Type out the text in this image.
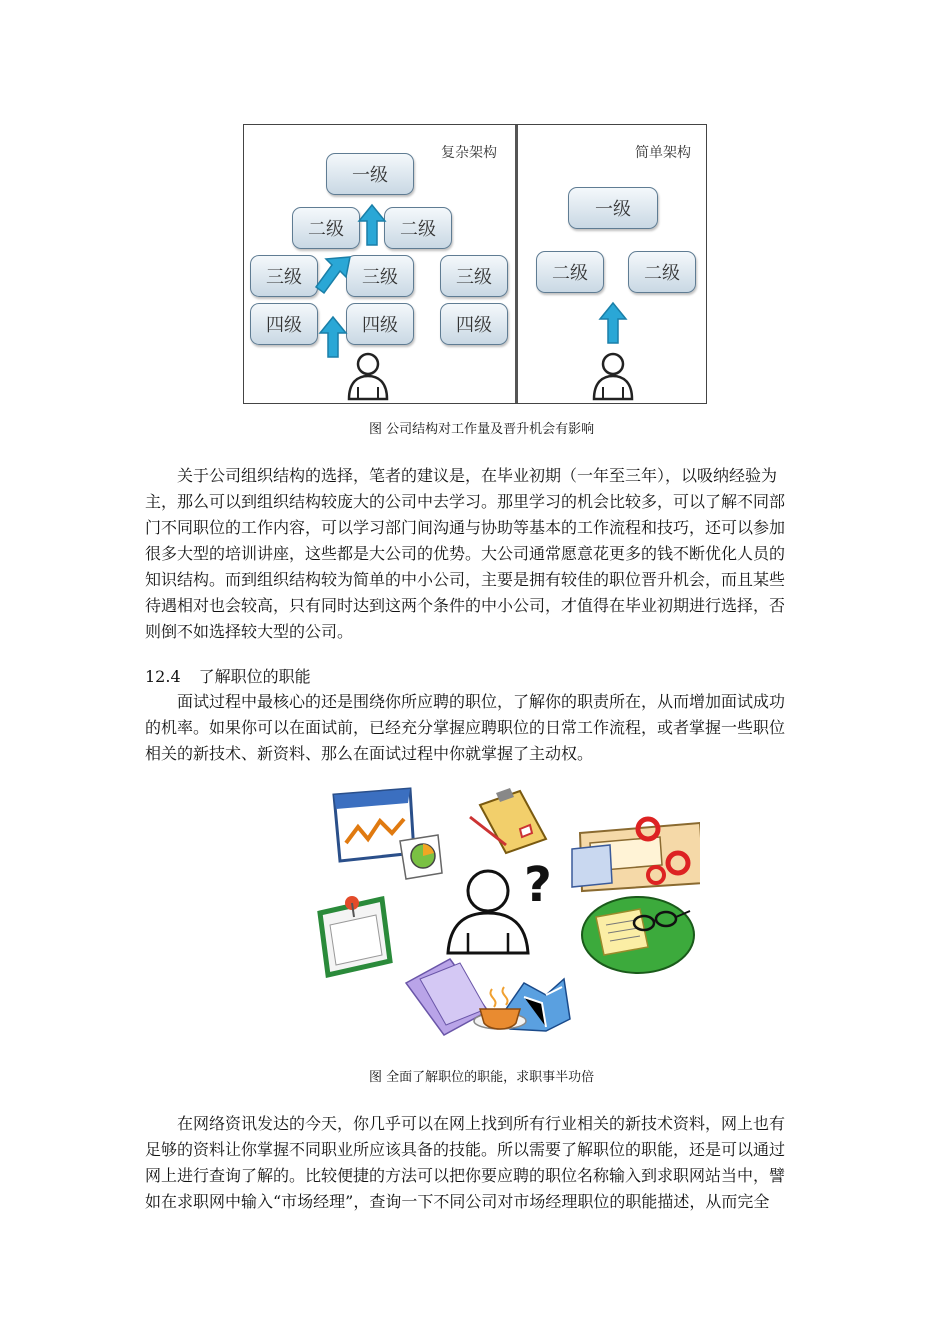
复杂架构	简单架构
一级
二级	二级
三级	三级	三级
四级	四级	四级
一级
二级	二级
图 公司结构对工作量及晋升机会有影响

关于公司组织结构的选择，笔者的建议是，在毕业初期（一年至三年），以吸纳经验为
主，那么可以到组织结构较庞大的公司中去学习。那里学习的机会比较多，可以了解不同部
门不同职位的工作内容，可以学习部门间沟通与协助等基本的工作流程和技巧，还可以参加
很多大型的培训讲座，这些都是大公司的优势。大公司通常愿意花更多的钱不断优化人员的
知识结构。而到组织结构较为简单的中小公司，主要是拥有较佳的职位晋升机会，而且某些
待遇相对也会较高，只有同时达到这两个条件的中小公司，才值得在毕业初期进行选择，否
则倒不如选择较大型的公司。

12.4 了解职位的职能

面试过程中最核心的还是围绕你所应聘的职位，了解你的职责所在，从而增加面试成功
的机率。如果你可以在面试前，已经充分掌握应聘职位的日常工作流程，或者掌握一些职位
相关的新技术、新资料、那么在面试过程中你就掌握了主动权。

?
图 全面了解职位的职能，求职事半功倍

在网络资讯发达的今天，你几乎可以在网上找到所有行业相关的新技术资料，网上也有
足够的资料让你掌握不同职业所应该具备的技能。所以需要了解职位的职能，还是可以通过
网上进行查询了解的。比较便捷的方法可以把你要应聘的职位名称输入到求职网站当中，譬
如在求职网中输入“市场经理”，查询一下不同公司对市场经理职位的职能描述，从而完全
